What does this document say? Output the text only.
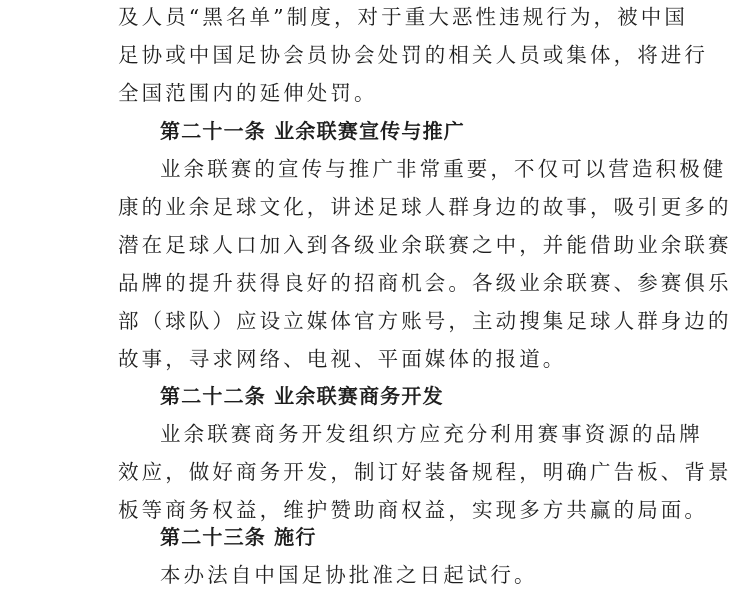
及人员“黑名单”制度，对于重大恶性违规行为，被中国
足协或中国足协会员协会处罚的相关人员或集体，将进行
全国范围内的延伸处罚。
第二十一条 业余联赛宣传与推广
业余联赛的宣传与推广非常重要，不仅可以营造积极健
康的业余足球文化，讲述足球人群身边的故事，吸引更多的
潜在足球人口加入到各级业余联赛之中，并能借助业余联赛
品牌的提升获得良好的招商机会。各级业余联赛、参赛俱乐
部（球队）应设立媒体官方账号，主动搜集足球人群身边的
故事，寻求网络、电视、平面媒体的报道。
第二十二条 业余联赛商务开发
业余联赛商务开发组织方应充分利用赛事资源的品牌
效应，做好商务开发，制订好装备规程，明确广告板、背景
板等商务权益，维护赞助商权益，实现多方共赢的局面。
第二十三条 施行
本办法自中国足协批准之日起试行。
